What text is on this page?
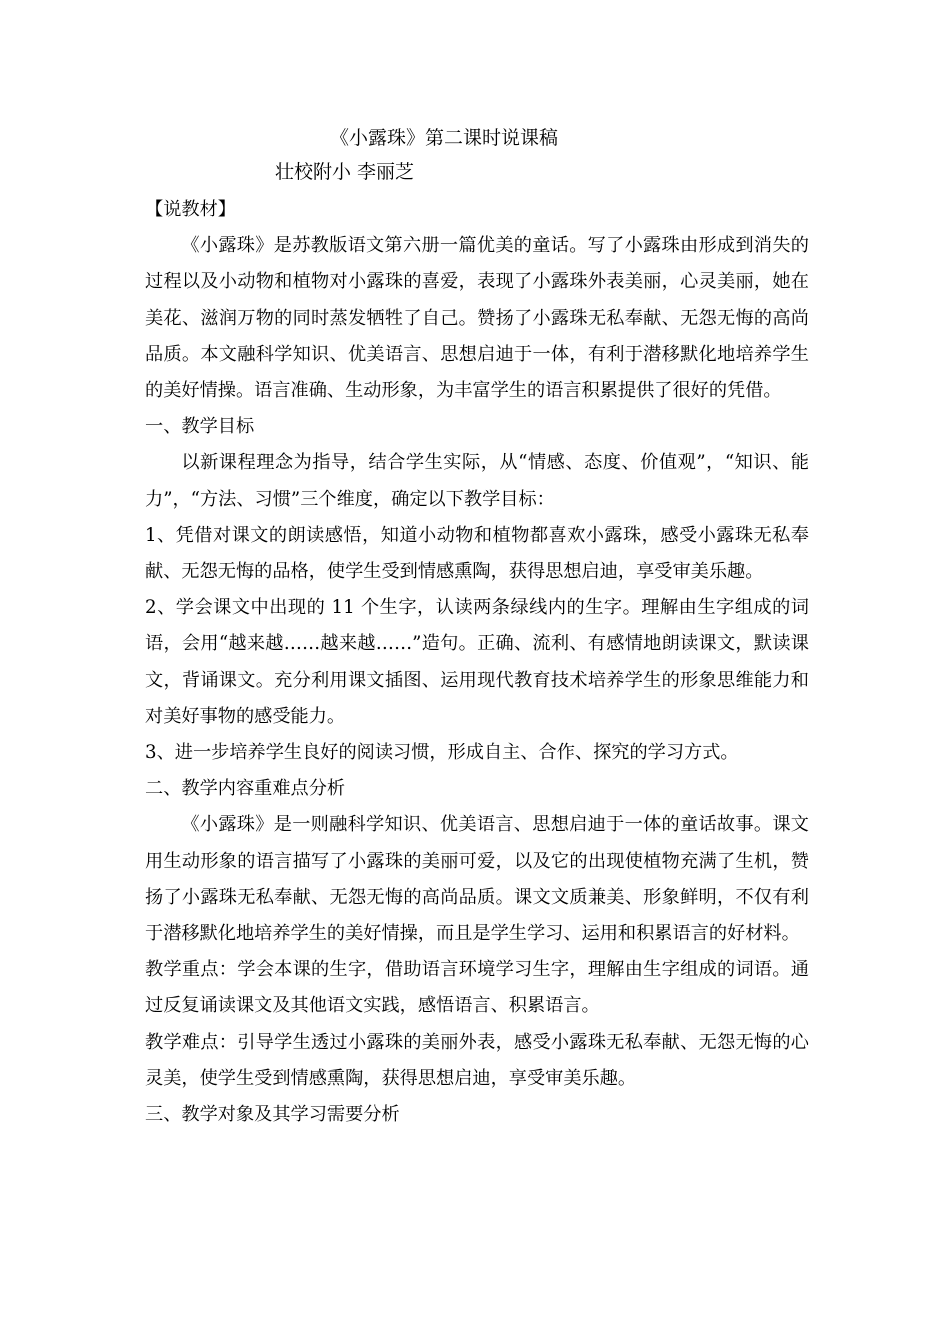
《小露珠》第二课时说课稿
壮校附小 李丽芝

【说教材】

《小露珠》是苏教版语文第六册一篇优美的童话。写了小露珠由形成到消失的过程以及小动物和植物对小露珠的喜爱，表现了小露珠外表美丽，心灵美丽，她在美花、滋润万物的同时蒸发牺牲了自己。赞扬了小露珠无私奉献、无怨无悔的高尚品质。本文融科学知识、优美语言、思想启迪于一体，有利于潜移默化地培养学生的美好情操。语言准确、生动形象，为丰富学生的语言积累提供了很好的凭借。

一、教学目标

以新课程理念为指导，结合学生实际，从“情感、态度、价值观”，“知识、能力”，“方法、习惯”三个维度，确定以下教学目标：

1、凭借对课文的朗读感悟，知道小动物和植物都喜欢小露珠，感受小露珠无私奉献、无怨无悔的品格，使学生受到情感熏陶，获得思想启迪，享受审美乐趣。

2、学会课文中出现的 11 个生字，认读两条绿线内的生字。理解由生字组成的词语，会用“越来越……越来越……”造句。正确、流利、有感情地朗读课文，默读课文，背诵课文。充分利用课文插图、运用现代教育技术培养学生的形象思维能力和对美好事物的感受能力。

3、进一步培养学生良好的阅读习惯，形成自主、合作、探究的学习方式。

二、教学内容重难点分析

《小露珠》是一则融科学知识、优美语言、思想启迪于一体的童话故事。课文用生动形象的语言描写了小露珠的美丽可爱，以及它的出现使植物充满了生机，赞扬了小露珠无私奉献、无怨无悔的高尚品质。课文文质兼美、形象鲜明，不仅有利于潜移默化地培养学生的美好情操，而且是学生学习、运用和积累语言的好材料。

教学重点：学会本课的生字，借助语言环境学习生字，理解由生字组成的词语。通过反复诵读课文及其他语文实践，感悟语言、积累语言。

教学难点：引导学生透过小露珠的美丽外表，感受小露珠无私奉献、无怨无悔的心灵美，使学生受到情感熏陶，获得思想启迪，享受审美乐趣。

三、教学对象及其学习需要分析
